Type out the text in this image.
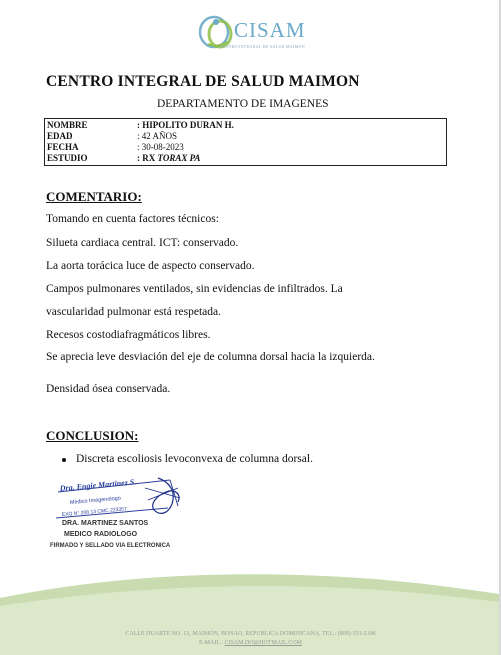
CISAM
CENTRO INTEGRAL DE SALUD MAIMON
CENTRO INTEGRAL DE SALUD MAIMON
DEPARTAMENTO DE IMAGENES
NOMBRE	: HIPOLITO DURAN H.
EDAD	: 42 AÑOS
FECHA	: 30-08-2023
ESTUDIO	: RX TORAX PA
COMENTARIO:
Tomando en cuenta factores técnicos:
Silueta cardiaca central. ICT: conservado.
La aorta torácica luce de aspecto conservado.
Campos pulmonares ventilados, sin evidencias de infiltrados. La
vascularidad pulmonar está respetada.
Recesos costodiafragmáticos libres.
Se aprecia leve desviación del eje de columna dorsal hacia la izquierda.
Densidad ósea conservada.
CONCLUSION:
Discreta escoliosis levoconvexa de columna dorsal.
Dra. Engie Martinez S.
Medico Imagenologo
EXQ N° 208 13 CMC 223357
DRA. MARTINEZ SANTOS
MEDICO RADIOLOGO
FIRMADO Y SELLADO VIA ELECTRONICA
CALLE DUARTE NO. 13, MAIMÓN, BONAO, REPUBLICA DOMINICANA, TEL.: (809)-551-2196
E-MAIL : CISAM.DO@HOTMAIL.COM
